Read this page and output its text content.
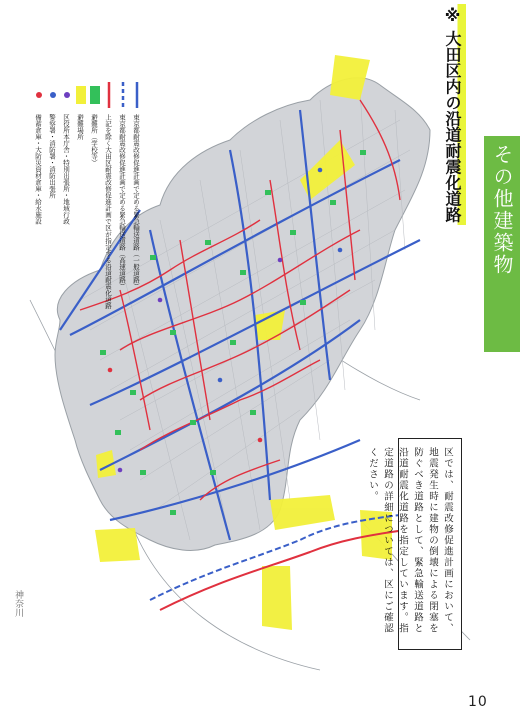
神奈川
東京都耐震改修促進計画で定める緊急輸送道路（一般道路）
東京都耐震改修促進計画で定める緊急輸送道路（高速道路）
上記を除く大田区耐震改修促進計画で区が指定する沿道耐震化道路
避難所（学校等）
避難場所
区役所本庁舎・特別出張所・地域行政
警察署・消防署・消防出張所
備蓄倉庫・大防災資材倉庫・給水施設	※ 大田区内の沿道耐震化道路	その他建築物
区では、耐震改修促進計画において、地震発生時に建物の倒壊による閉塞を防ぐべき道路として、緊急輸送道路と沿道耐震化道路を指定しています。指定道路の詳細については、区にご確認ください。
10
